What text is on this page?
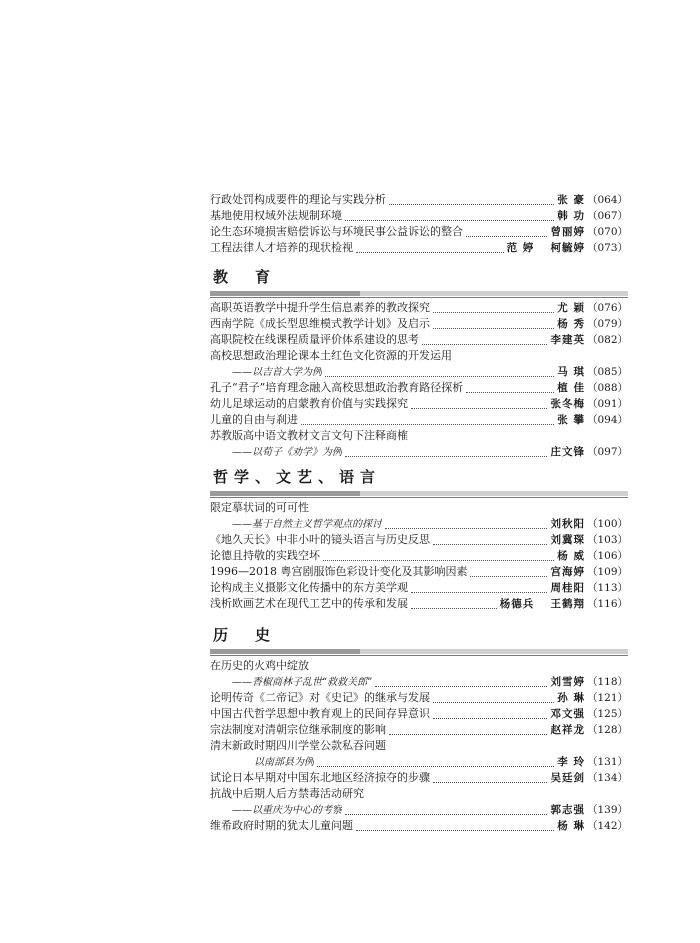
行政处罚构成要件的理论与实践分析	张 豪 （064）
基地使用权域外法规制环境	韩 功 （067）
论生态环境损害赔偿诉讼与环境民事公益诉讼的整合	曾丽婷 （070）
工程法律人才培养的现状检视	范 婷 　柯毓婷 （073）
教　育
高职英语教学中提升学生信息素养的教改探究	尤 颖 （076）
西南学院《成长型思维模式教学计划》及启示	杨 秀 （079）
高职院校在线课程质量评价体系建设的思考	李建英 （082）
高校思想政治理论课本土红色文化资源的开发运用
——以吉首大学为例	马 琪 （085）
孔子“君子”培育理念融入高校思想政治教育路径探析	植 佳 （088）
幼儿足球运动的启蒙教育价值与实践探究	张冬梅 （091）
儿童的自由与刹进	张 攀 （094）
苏教版高中语文教材文言文句下注释商榷
——以荀子《劝学》为例	庄文锋 （097）
哲学、文艺、语言
限定摹状词的可可性
——基于自然主义哲学观点的探讨	刘秋阳 （100）
《地久天长》中非小叶的镜头语言与历史反思	刘冀琛 （103）
论德且持敬的实践空坏	杨 威 （106）
1996—2018 粤宫剧服饰色彩设计变化及其影响因素	宫海婷 （109）
论构成主义摄影文化传播中的东方美学观	周桂阳 （113）
浅析欧画艺术在现代工艺中的传承和发展	杨德兵 　王鹤翔 （116）
历　史
在历史的火鸡中绽放
——香椒商林子乱世“救救关郎”	刘雪婷 （118）
论明传奇《二帝记》对《史记》的继承与发展	孙 琳 （121）
中国古代哲学思想中教育观上的民间存异意识	邓文强 （125）
宗法制度对清朝宗位继承制度的影响	赵祥龙 （128）
清末新政时期四川学堂公款私吞问题
以南部县为例	李 玲 （131）
试论日本早期对中国东北地区经济掠夺的步骤	吴廷剑 （134）
抗战中后期人后方禁毒活动研究
——以重庆为中心的考察	郭志强 （139）
维希政府时期的犹太儿童问题	杨 琳 （142）
